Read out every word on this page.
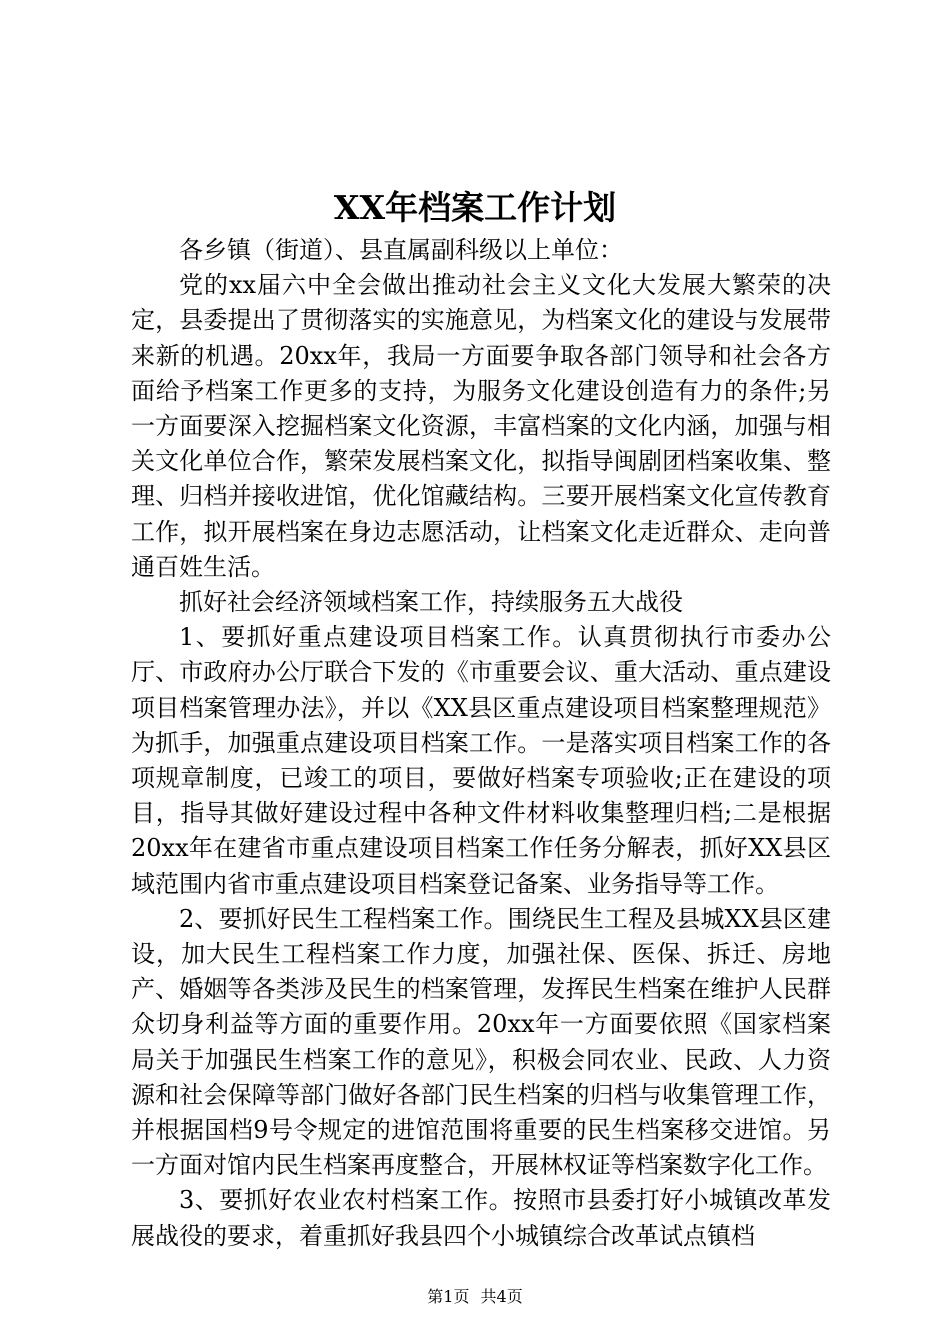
XX年档案工作计划

各乡镇（街道）、县直属副科级以上单位：

党的xx届六中全会做出推动社会主义文化大发展大繁荣的决定，县委提出了贯彻落实的实施意见，为档案文化的建设与发展带来新的机遇。20xx年，我局一方面要争取各部门领导和社会各方面给予档案工作更多的支持，为服务文化建设创造有力的条件;另一方面要深入挖掘档案文化资源，丰富档案的文化内涵，加强与相关文化单位合作，繁荣发展档案文化，拟指导闽剧团档案收集、整理、归档并接收进馆，优化馆藏结构。三要开展档案文化宣传教育工作，拟开展档案在身边志愿活动，让档案文化走近群众、走向普通百姓生活。

抓好社会经济领域档案工作，持续服务五大战役

1、要抓好重点建设项目档案工作。认真贯彻执行市委办公厅、市政府办公厅联合下发的《市重要会议、重大活动、重点建设项目档案管理办法》，并以《XX县区重点建设项目档案整理规范》为抓手，加强重点建设项目档案工作。一是落实项目档案工作的各项规章制度，已竣工的项目，要做好档案专项验收;正在建设的项目，指导其做好建设过程中各种文件材料收集整理归档;二是根据20xx年在建省市重点建设项目档案工作任务分解表，抓好XX县区域范围内省市重点建设项目档案登记备案、业务指导等工作。

2、要抓好民生工程档案工作。围绕民生工程及县城XX县区建设，加大民生工程档案工作力度，加强社保、医保、拆迁、房地产、婚姻等各类涉及民生的档案管理，发挥民生档案在维护人民群众切身利益等方面的重要作用。20xx年一方面要依照《国家档案局关于加强民生档案工作的意见》，积极会同农业、民政、人力资源和社会保障等部门做好各部门民生档案的归档与收集管理工作，并根据国档9号令规定的进馆范围将重要的民生档案移交进馆。另一方面对馆内民生档案再度整合，开展林权证等档案数字化工作。

3、要抓好农业农村档案工作。按照市县委打好小城镇改革发展战役的要求，着重抓好我县四个小城镇综合改革试点镇档

第1页 共4页
